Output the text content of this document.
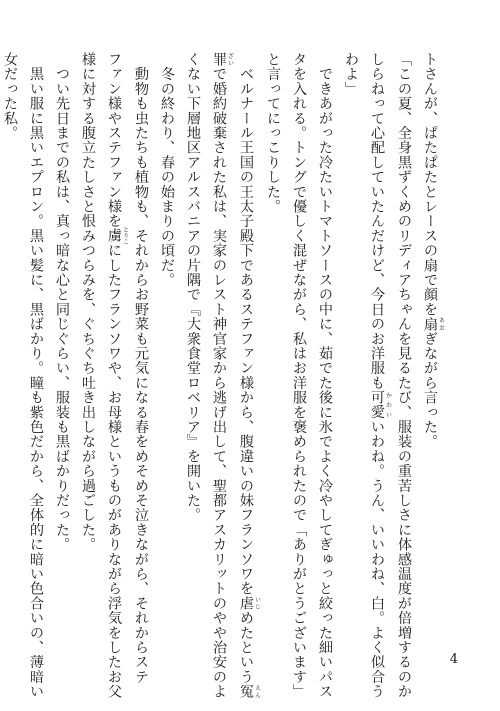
トさんが、ぱたぱたとレースの扇で顔を扇 あおぎながら言った。
「この夏、全身黒ずくめのリディアちゃんを見るたび、服装の重苦しさに体感温度が倍増するのか
しらねって心配していたんだけど、今日のお洋服も可愛 かわいいわね。うん、いいわね、白。よく似合う
わよ」
　できあがった冷たいトマトソースの中に、茹でた後に氷でよく冷やしてぎゅっと絞った細いパス
タを入れる。トングで優しく混ぜながら、私はお洋服を褒められたので「ありがとうございます」
と言ってにっこりした。
　ベルナール王国の王太子殿下であるステファン様から、腹違いの妹フランソワを虐 いじめたという冤 えん
罪 ざいで婚約破棄された私は、実家のレスト神官家から逃げ出して、聖都アスカリットのやや治安のよ
くない下層地区アルスバニアの片隅で『大衆食堂ロベリア』を開いた。
　冬の終わり、春の始まりの頃だ。
　動物も虫たちも植物も、それからお野菜も元気になる春をめそめそ泣きながら、それからステ
ファン様やステファン様を虜 とりこにしたフランソワや、お母様というものがありながら浮気をしたお父
様に対する腹立たしさと恨みつらみを、ぐちぐち吐き出しながら過ごした。
　つい先日までの私は、真っ暗な心と同じぐらい、服装も黒ばかりだった。
　黒い服に黒いエプロン。黒い髪に、黒ばかり。瞳も紫色だから、全体的に暗い色合いの、薄暗い
女だった私。
4
